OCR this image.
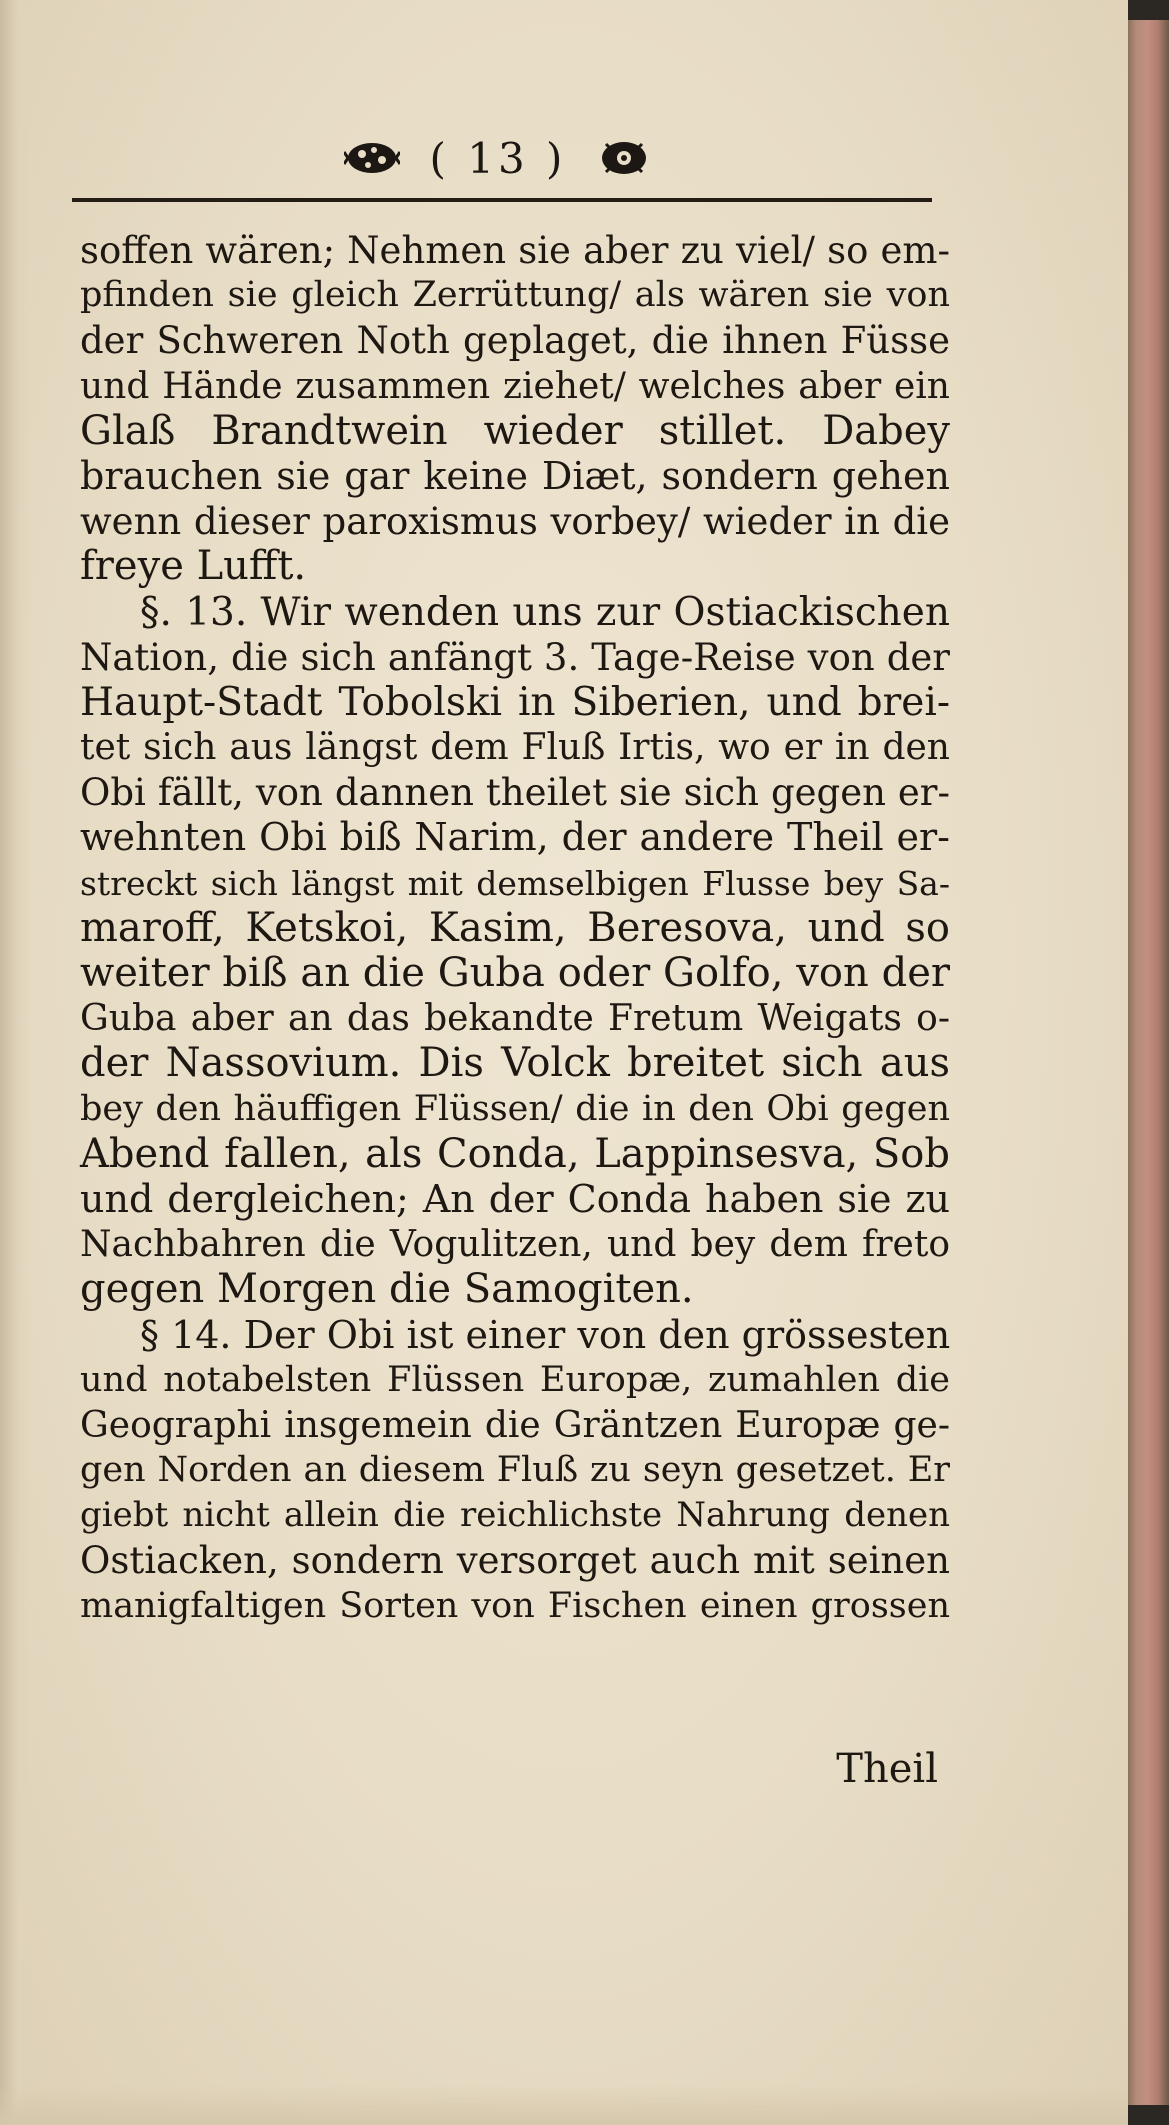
( 13 )
soffen wären; Nehmen sie aber zu viel/ so em-
pfinden sie gleich Zerrüttung/ als wären sie von
der Schweren Noth geplaget, die ihnen Füsse
und Hände zusammen ziehet/ welches aber ein
Glaß Brandtwein wieder stillet. Dabey
brauchen sie gar keine Diæt, sondern gehen
wenn dieser paroxismus vorbey/ wieder in die
freye Lufft.
§. 13. Wir wenden uns zur Ostiackischen
Nation, die sich anfängt 3. Tage-Reise von der
Haupt-Stadt Tobolski in Siberien, und brei-
tet sich aus längst dem Fluß Irtis, wo er in den
Obi fällt, von dannen theilet sie sich gegen er-
wehnten Obi biß Narim, der andere Theil er-
streckt sich längst mit demselbigen Flusse bey Sa-
maroff, Ketskoi, Kasim, Beresova, und so
weiter biß an die Guba oder Golfo, von der
Guba aber an das bekandte Fretum Weigats o-
der Nassovium. Dis Volck breitet sich aus
bey den häuffigen Flüssen/ die in den Obi gegen
Abend fallen, als Conda, Lappinsesva, Sob
und dergleichen; An der Conda haben sie zu
Nachbahren die Vogulitzen, und bey dem freto
gegen Morgen die Samogiten.
§ 14. Der Obi ist einer von den grössesten
und notabelsten Flüssen Europæ, zumahlen die
Geographi insgemein die Gräntzen Europæ ge-
gen Norden an diesem Fluß zu seyn gesetzet. Er
giebt nicht allein die reichlichste Nahrung denen
Ostiacken, sondern versorget auch mit seinen
manigfaltigen Sorten von Fischen einen grossen
Theil
